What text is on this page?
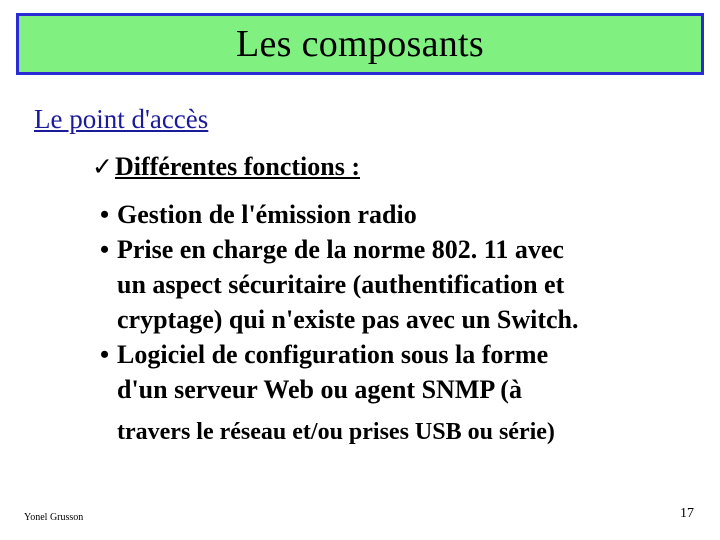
Les composants
Le point d'accès
✓ Différentes fonctions :
• Gestion de l'émission radio
• Prise en charge de la norme 802. 11 avec
un aspect sécuritaire (authentification et
cryptage) qui n'existe pas avec un Switch.
• Logiciel de configuration sous la forme
d'un serveur Web ou agent SNMP (à
travers le réseau et/ou prises USB ou série)
Yonel Grusson	17
